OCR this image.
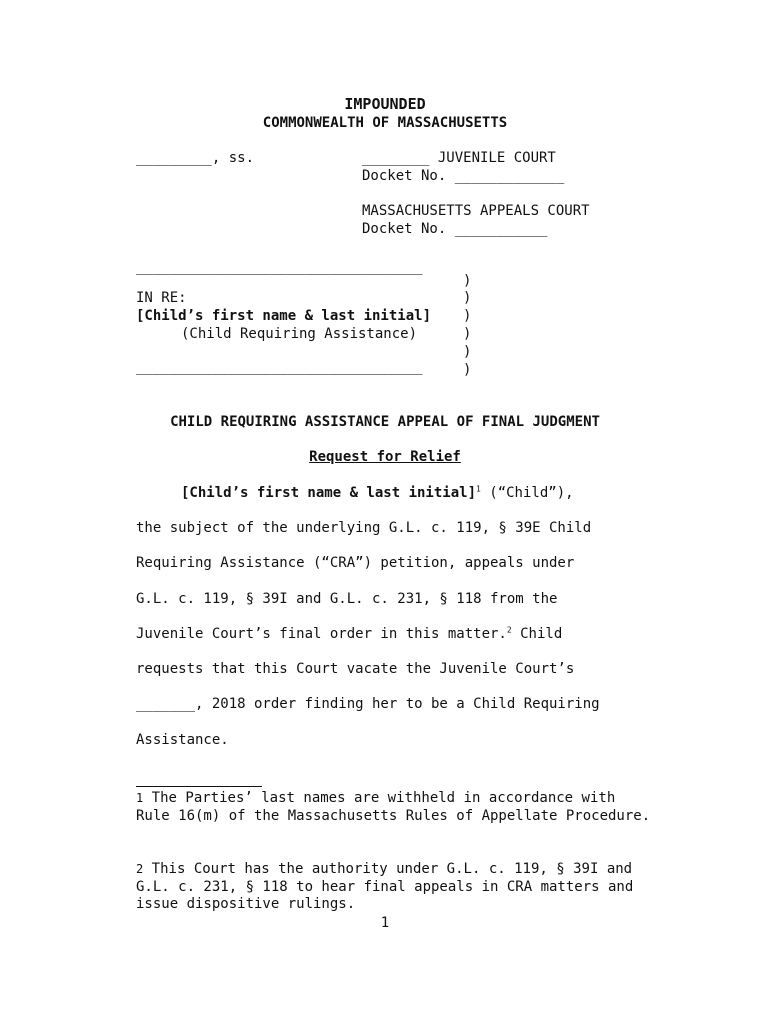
IMPOUNDED
COMMONWEALTH OF MASSACHUSETTS
_________, ss.	________ JUVENILE COURT
Docket No. _____________
MASSACHUSETTS APPEALS COURT
Docket No. ___________
__________________________________
)
IN RE:	)
[Child’s first name & last initial] )
(Child Requiring Assistance)	)
)
__________________________________	)
CHILD REQUIRING ASSISTANCE APPEAL OF FINAL JUDGMENT
Request for Relief
[Child’s first name & last initial]$^1$ (“Child”),
the subject of the underlying G.L. c. 119, § 39E Child
Requiring Assistance (“CRA”) petition, appeals under
G.L. c. 119, § 39I and G.L. c. 231, § 118 from the
Juvenile Court’s final order in this matter.$^2$ Child
requests that this Court vacate the Juvenile Court’s
_______, 2018 order finding her to be a Child Requiring
Assistance.
1 The Parties’ last names are withheld in accordance with Rule 16(m) of the Massachusetts Rules of Appellate Procedure.
2 This Court has the authority under G.L. c. 119, § 39I and G.L. c. 231, § 118 to hear final appeals in CRA matters and issue dispositive rulings.
1
